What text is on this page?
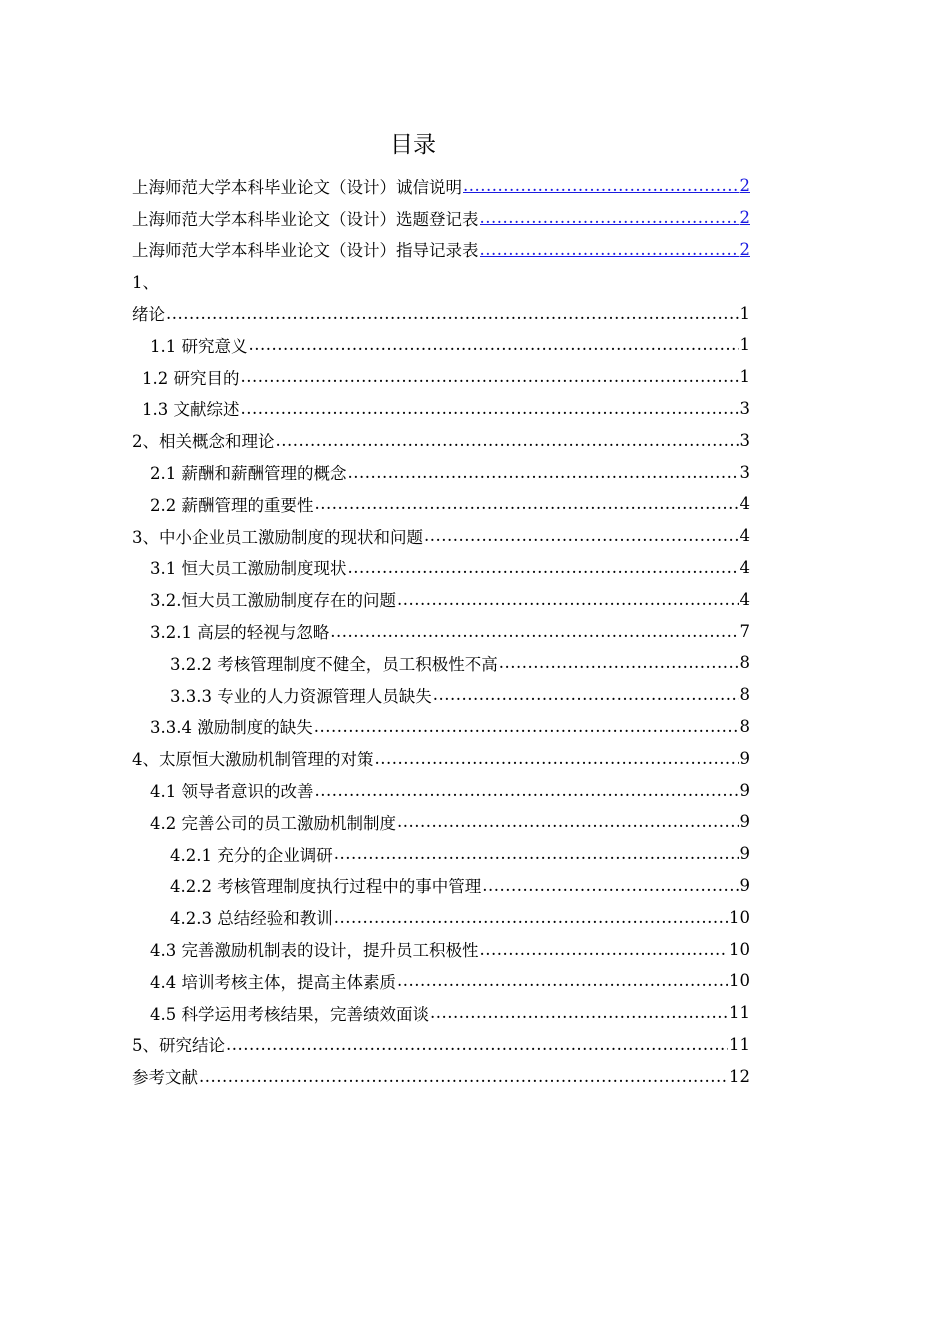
目录
上海师范大学本科毕业论文（设计）诚信说明 .....	2
上海师范大学本科毕业论文（设计）选题登记表 .....	2
上海师范大学本科毕业论文（设计）指导记录表 .....	2
1、
绪论 .....	1
1.1 研究意义 .....	1
1.2 研究目的 .....	1
1.3 文献综述 .....	3
2、相关概念和理论 .....	3
2.1 薪酬和薪酬管理的概念 .....	3
2.2 薪酬管理的重要性 .....	4
3、中小企业员工激励制度的现状和问题 .....	4
3.1 恒大员工激励制度现状 .....	4
3.2.恒大员工激励制度存在的问题 .....	4
3.2.1 高层的轻视与忽略 .....	7
3.2.2 考核管理制度不健全，员工积极性不高 .....	8
3.3.3 专业的人力资源管理人员缺失 .....	8
3.3.4 激励制度的缺失 .....	8
4、太原恒大激励机制管理的对策 .....	9
4.1 领导者意识的改善 .....	9
4.2 完善公司的员工激励机制制度 .....	9
4.2.1 充分的企业调研 .....	9
4.2.2 考核管理制度执行过程中的事中管理 .....	9
4.2.3 总结经验和教训 .....	10
4.3 完善激励机制表的设计，提升员工积极性 .....	10
4.4 培训考核主体，提高主体素质 .....	10
4.5 科学运用考核结果，完善绩效面谈 .....	11
5、研究结论 .....	11
参考文献 .....	12
